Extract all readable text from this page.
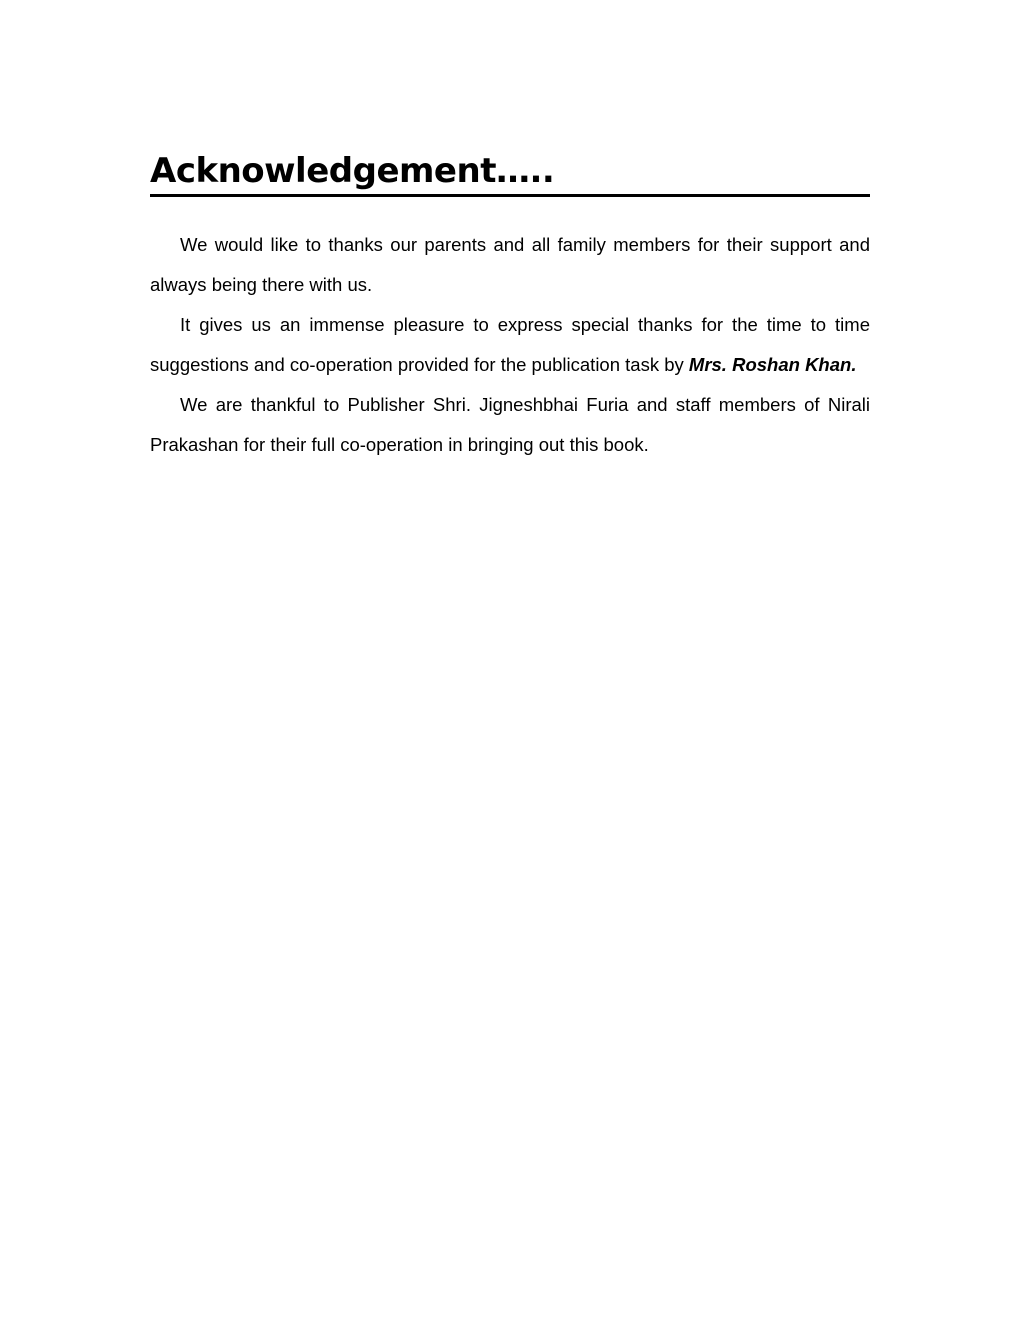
Acknowledgement…..

We would like to thanks our parents and all family members for their support and always being there with us.

It gives us an immense pleasure to express special thanks for the time to time suggestions and co-operation provided for the publication task by Mrs. Roshan Khan.

We are thankful to Publisher Shri. Jigneshbhai Furia and staff members of Nirali Prakashan for their full co-operation in bringing out this book.
